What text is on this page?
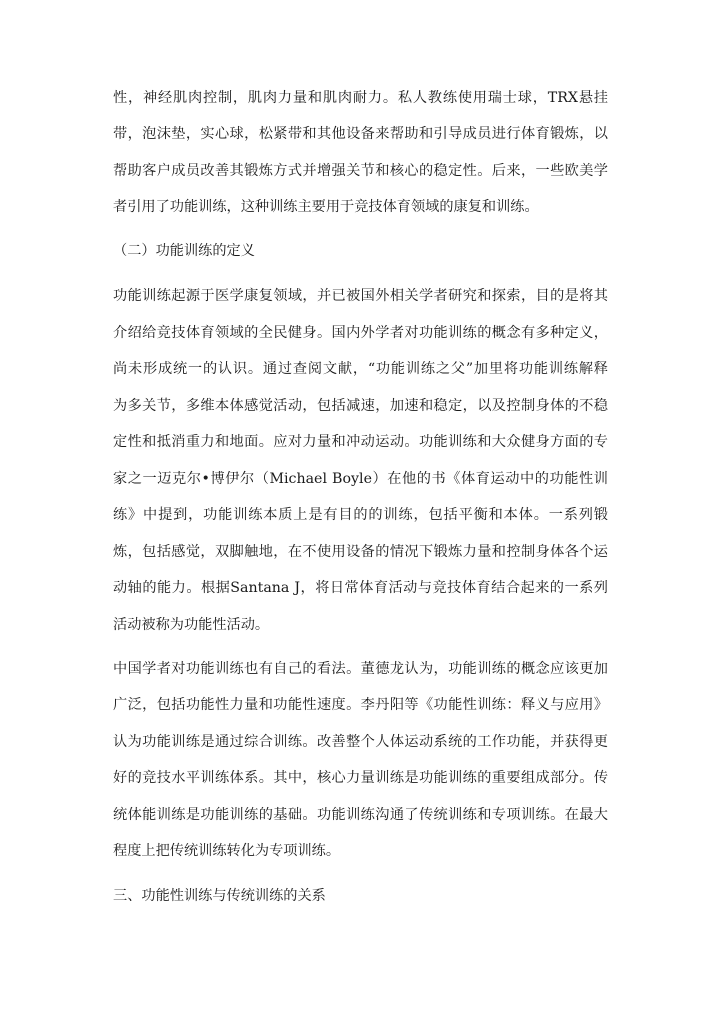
性，神经肌肉控制，肌肉力量和肌肉耐力。私人教练使用瑞士球，TRX悬挂
带，泡沫垫，实心球，松紧带和其他设备来帮助和引导成员进行体育锻炼，以
帮助客户成员改善其锻炼方式并增强关节和核心的稳定性。后来，一些欧美学
者引用了功能训练，这种训练主要用于竞技体育领域的康复和训练。
（二）功能训练的定义
功能训练起源于医学康复领域，并已被国外相关学者研究和探索，目的是将其
介绍给竞技体育领域的全民健身。国内外学者对功能训练的概念有多种定义，
尚未形成统一的认识。通过查阅文献，“功能训练之父”加里将功能训练解释
为多关节，多维本体感觉活动，包括减速，加速和稳定，以及控制身体的不稳
定性和抵消重力和地面。应对力量和冲动运动。功能训练和大众健身方面的专
家之一迈克尔•博伊尔（Michael Boyle）在他的书《体育运动中的功能性训
练》中提到，功能训练本质上是有目的的训练，包括平衡和本体。一系列锻
炼，包括感觉，双脚触地，在不使用设备的情况下锻炼力量和控制身体各个运
动轴的能力。根据Santana J，将日常体育活动与竞技体育结合起来的一系列
活动被称为功能性活动。
中国学者对功能训练也有自己的看法。董德龙认为，功能训练的概念应该更加
广泛，包括功能性力量和功能性速度。李丹阳等《功能性训练：释义与应用》
认为功能训练是通过综合训练。改善整个人体运动系统的工作功能，并获得更
好的竞技水平训练体系。其中，核心力量训练是功能训练的重要组成部分。传
统体能训练是功能训练的基础。功能训练沟通了传统训练和专项训练。在最大
程度上把传统训练转化为专项训练。
三、功能性训练与传统训练的关系
